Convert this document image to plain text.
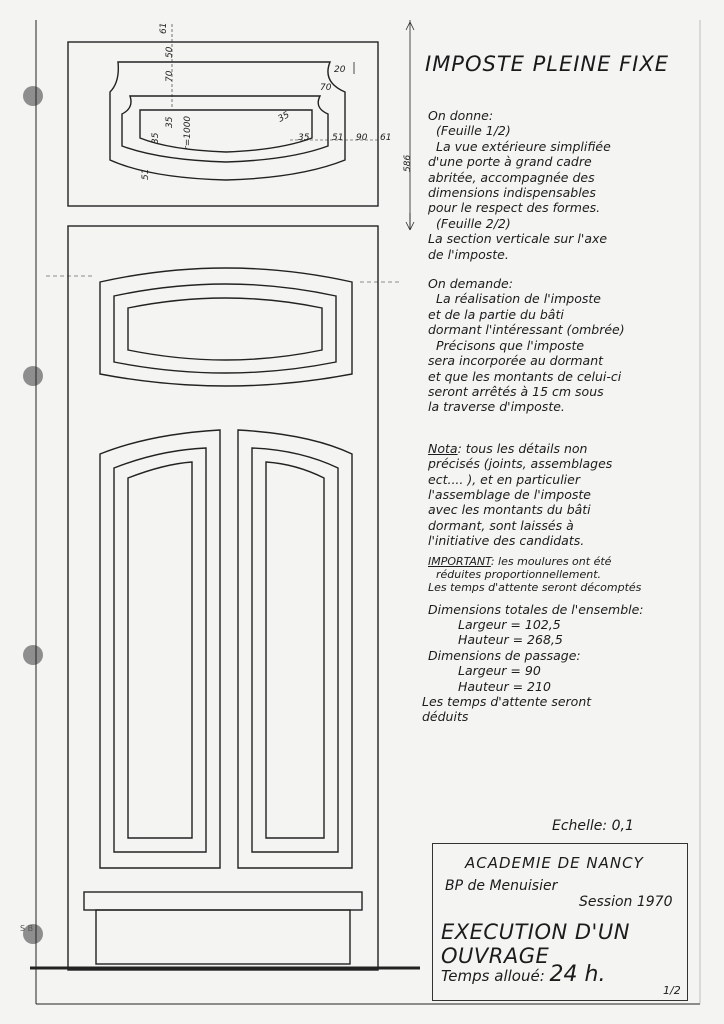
S B
61
50
70
70
20
35
35 r=1000	35
35	51
51
90 61
586
IMPOSTE PLEINE FIXE

On donne:

(Feuille 1/2)

La vue extérieure simplifiée

d'une porte à grand cadre

abritée, accompagnée des

dimensions indispensables

pour le respect des formes.

(Feuille 2/2)

La section verticale sur l'axe

de l'imposte.

On demande:

La réalisation de l'imposte

et de la partie du bâti

dormant l'intéressant (ombrée)

Précisons que l'imposte

sera incorporée au dormant

et que les montants de celui-ci

seront arrêtés à 15 cm sous

la traverse d'imposte.

Nota: tous les détails non

précisés (joints, assemblages

ect.... ), et en particulier

l'assemblage de l'imposte

avec les montants du bâti

dormant, sont laissés à

l'initiative des candidats.

IMPORTANT: les moulures ont été

réduites proportionnellement.

Les temps d'attente seront décomptés

Dimensions totales de l'ensemble:

Largeur = 102,5

Hauteur = 268,5

Dimensions de passage:

Largeur = 90

Hauteur = 210

Les temps d'attente seront

déduits

Echelle: 0,1
ACADEMIE DE NANCY
BP de Menuisier
Session 1970
EXECUTION D'UN OUVRAGE
Temps alloué: 24 h.
1/2
